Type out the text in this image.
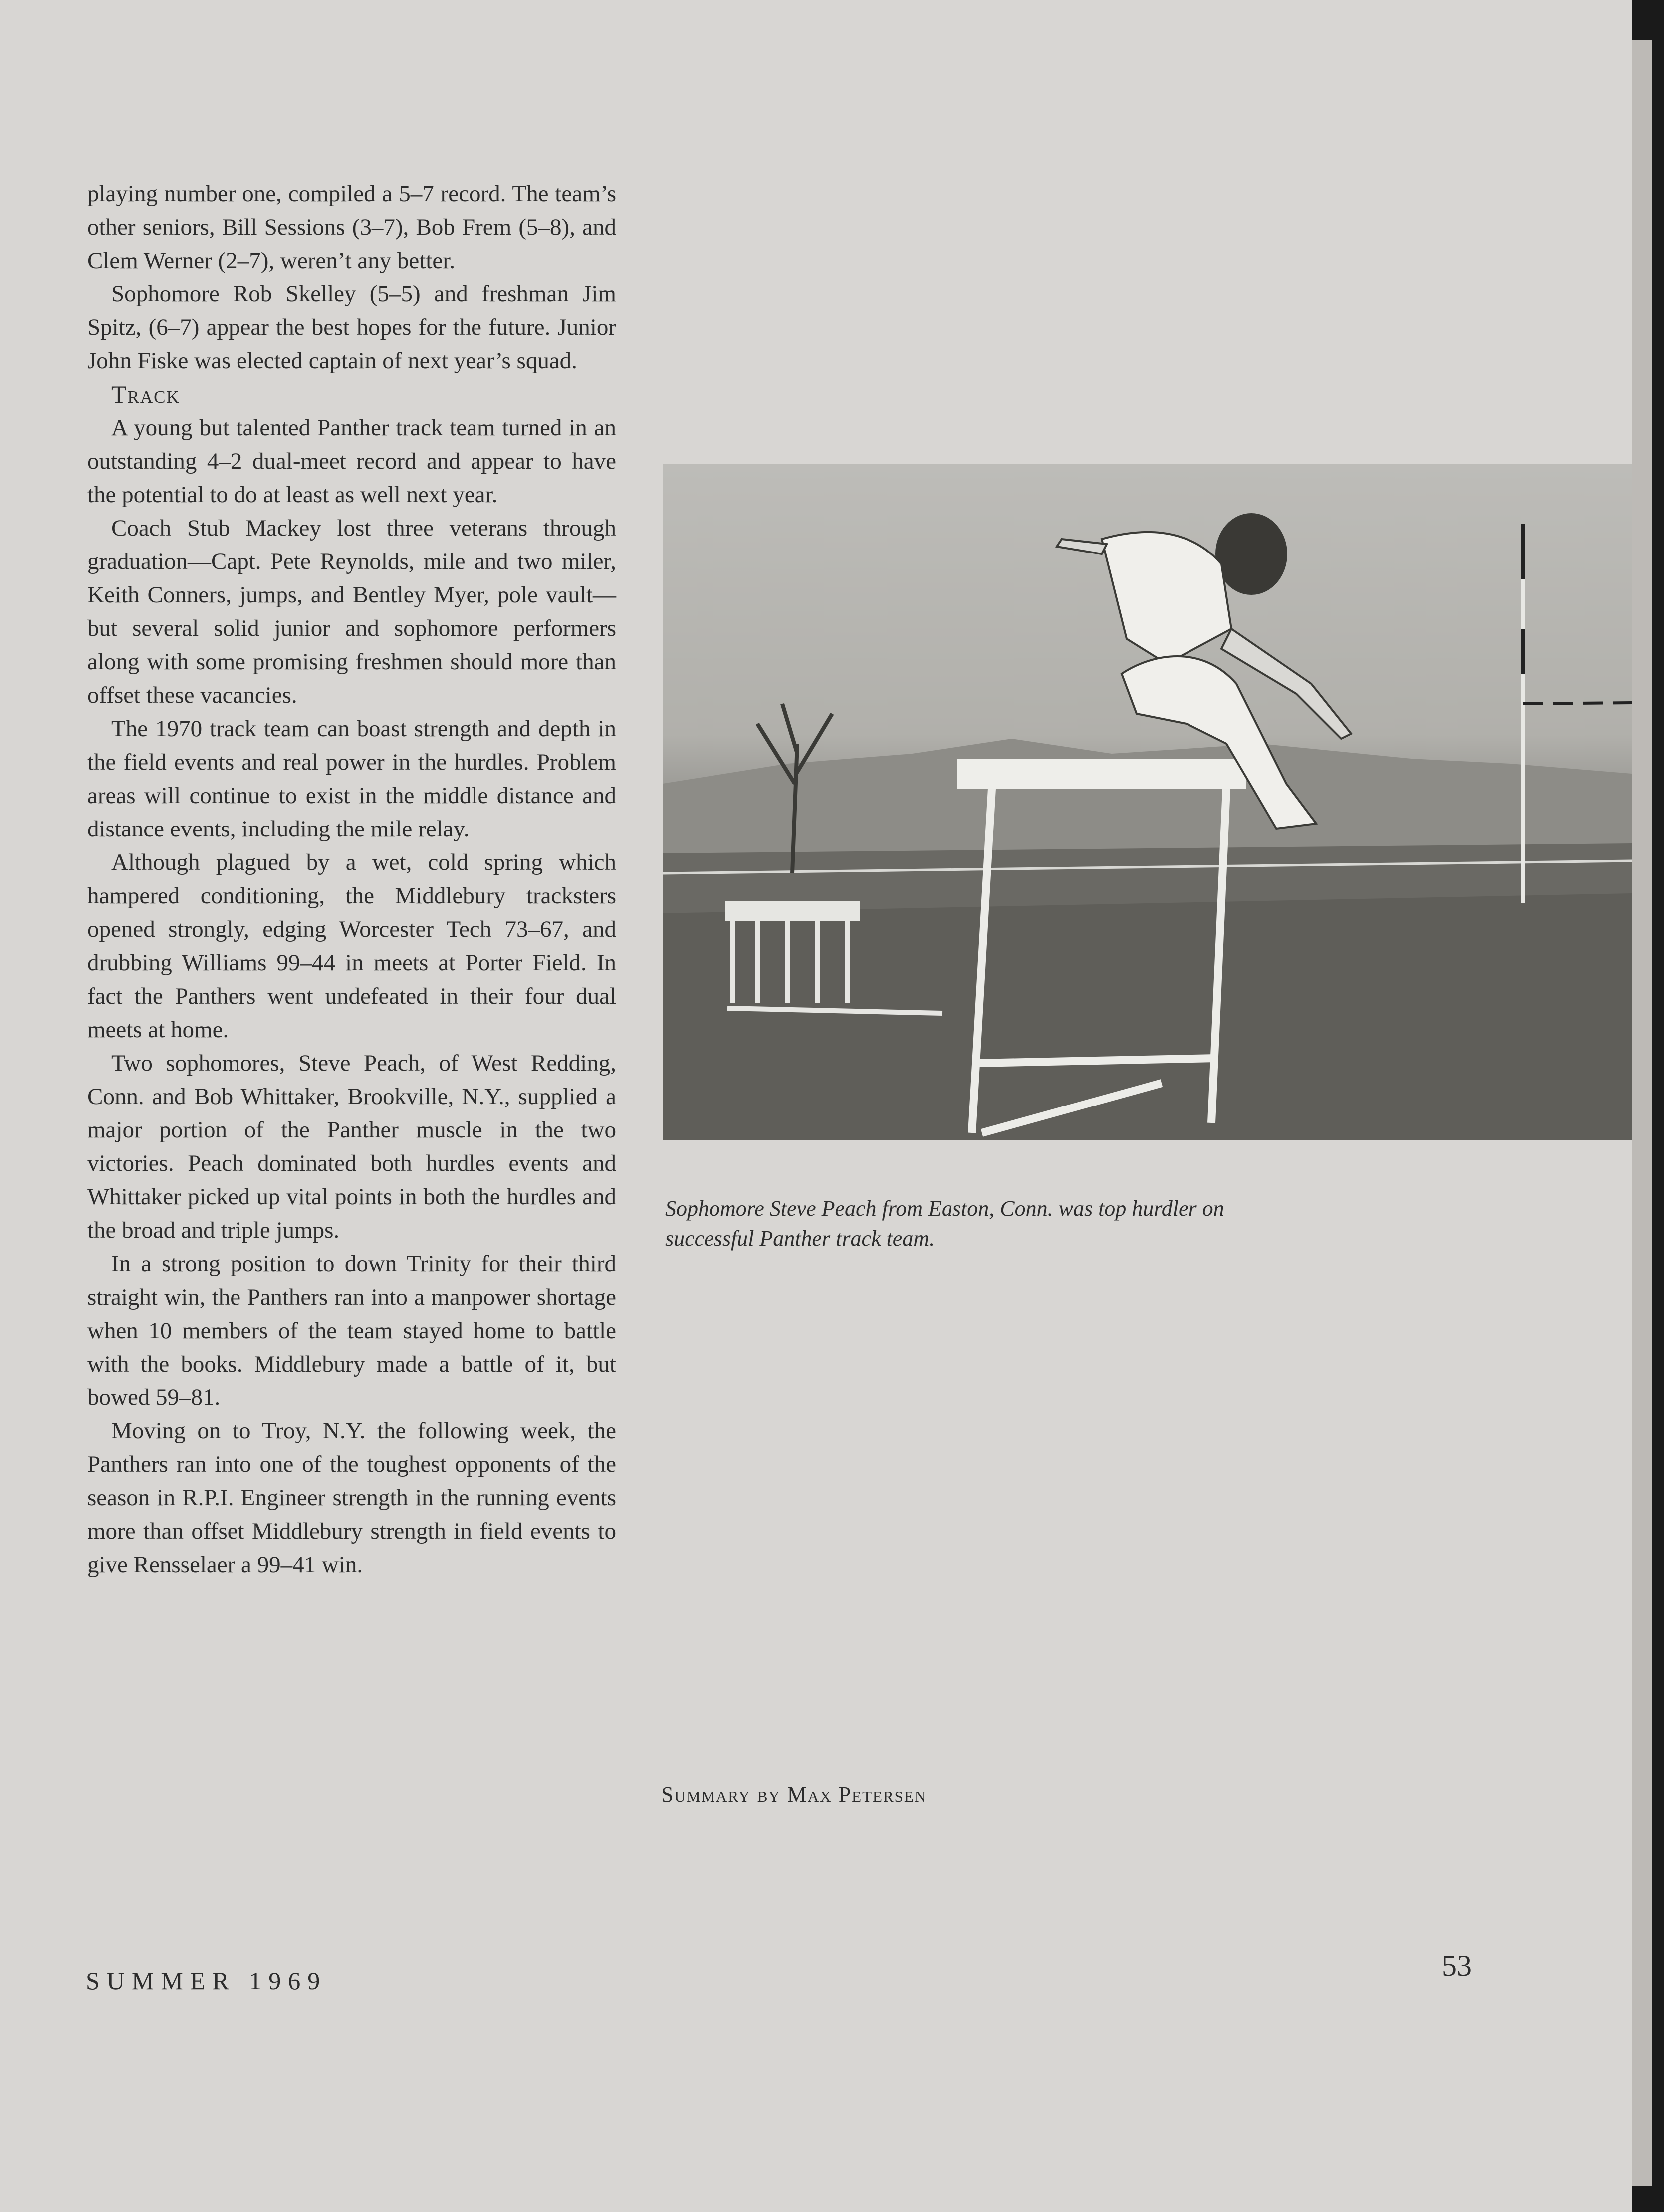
playing number one, compiled a 5–7 record. The team’s other seniors, Bill Sessions (3–7), Bob Frem (5–8), and Clem Werner (2–7), weren’t any better.

Sophomore Rob Skelley (5–5) and freshman Jim Spitz, (6–7) appear the best hopes for the future. Junior John Fiske was elected captain of next year’s squad.

Track

A young but talented Panther track team turned in an outstanding 4–2 dual-meet record and appear to have the potential to do at least as well next year.

Coach Stub Mackey lost three veterans through graduation—Capt. Pete Reynolds, mile and two miler, Keith Conners, jumps, and Bentley Myer, pole vault—but several solid junior and sophomore performers along with some promising freshmen should more than offset these vacancies.

The 1970 track team can boast strength and depth in the field events and real power in the hurdles. Problem areas will continue to exist in the middle distance and distance events, including the mile relay.

Although plagued by a wet, cold spring which hampered conditioning, the Middlebury tracksters opened strongly, edging Worcester Tech 73–67, and drubbing Williams 99–44 in meets at Porter Field. In fact the Panthers went undefeated in their four dual meets at home.

Two sophomores, Steve Peach, of West Redding, Conn. and Bob Whittaker, Brookville, N.Y., supplied a major portion of the Panther muscle in the two victories. Peach dominated both hurdles events and Whittaker picked up vital points in both the hurdles and the broad and triple jumps.

In a strong position to down Trinity for their third straight win, the Panthers ran into a manpower shortage when 10 members of the team stayed home to battle with the books. Middlebury made a battle of it, but bowed 59–81.

Moving on to Troy, N.Y. the following week, the Panthers ran into one of the toughest opponents of the season in R.P.I. Engineer strength in the running events more than offset Middlebury strength in field events to give Rensselaer a 99–41 win.

Sophomore Steve Peach from Easton, Conn. was top hurdler on successful Panther track team.
Summary by Max Petersen
SUMMER 1969	53
